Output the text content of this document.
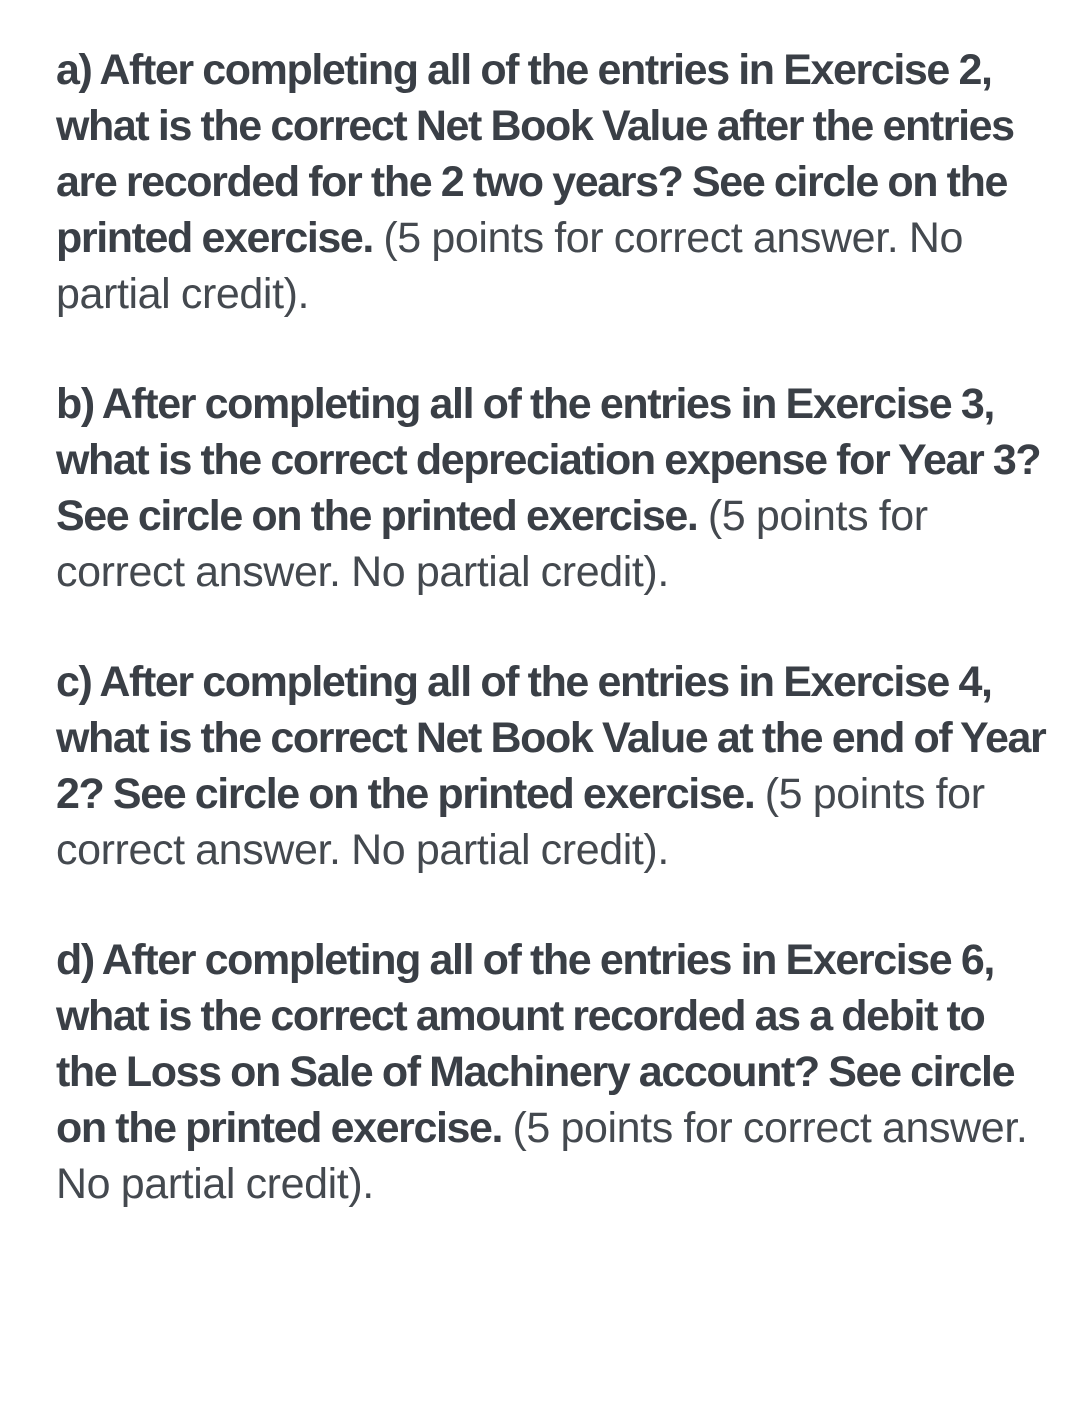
a) After completing all of the entries in Exercise 2, what is the correct Net Book Value after the entries are recorded for the 2 two years? See circle on the printed exercise. (5 points for correct answer. No partial credit).

b) After completing all of the entries in Exercise 3, what is the correct depreciation expense for Year 3? See circle on the printed exercise. (5 points for correct answer. No partial credit).

c) After completing all of the entries in Exercise 4, what is the correct Net Book Value at the end of Year 2? See circle on the printed exercise. (5 points for correct answer. No partial credit).

d) After completing all of the entries in Exercise 6, what is the correct amount recorded as a debit to the Loss on Sale of Machinery account? See circle on the printed exercise. (5 points for correct answer. No partial credit).
